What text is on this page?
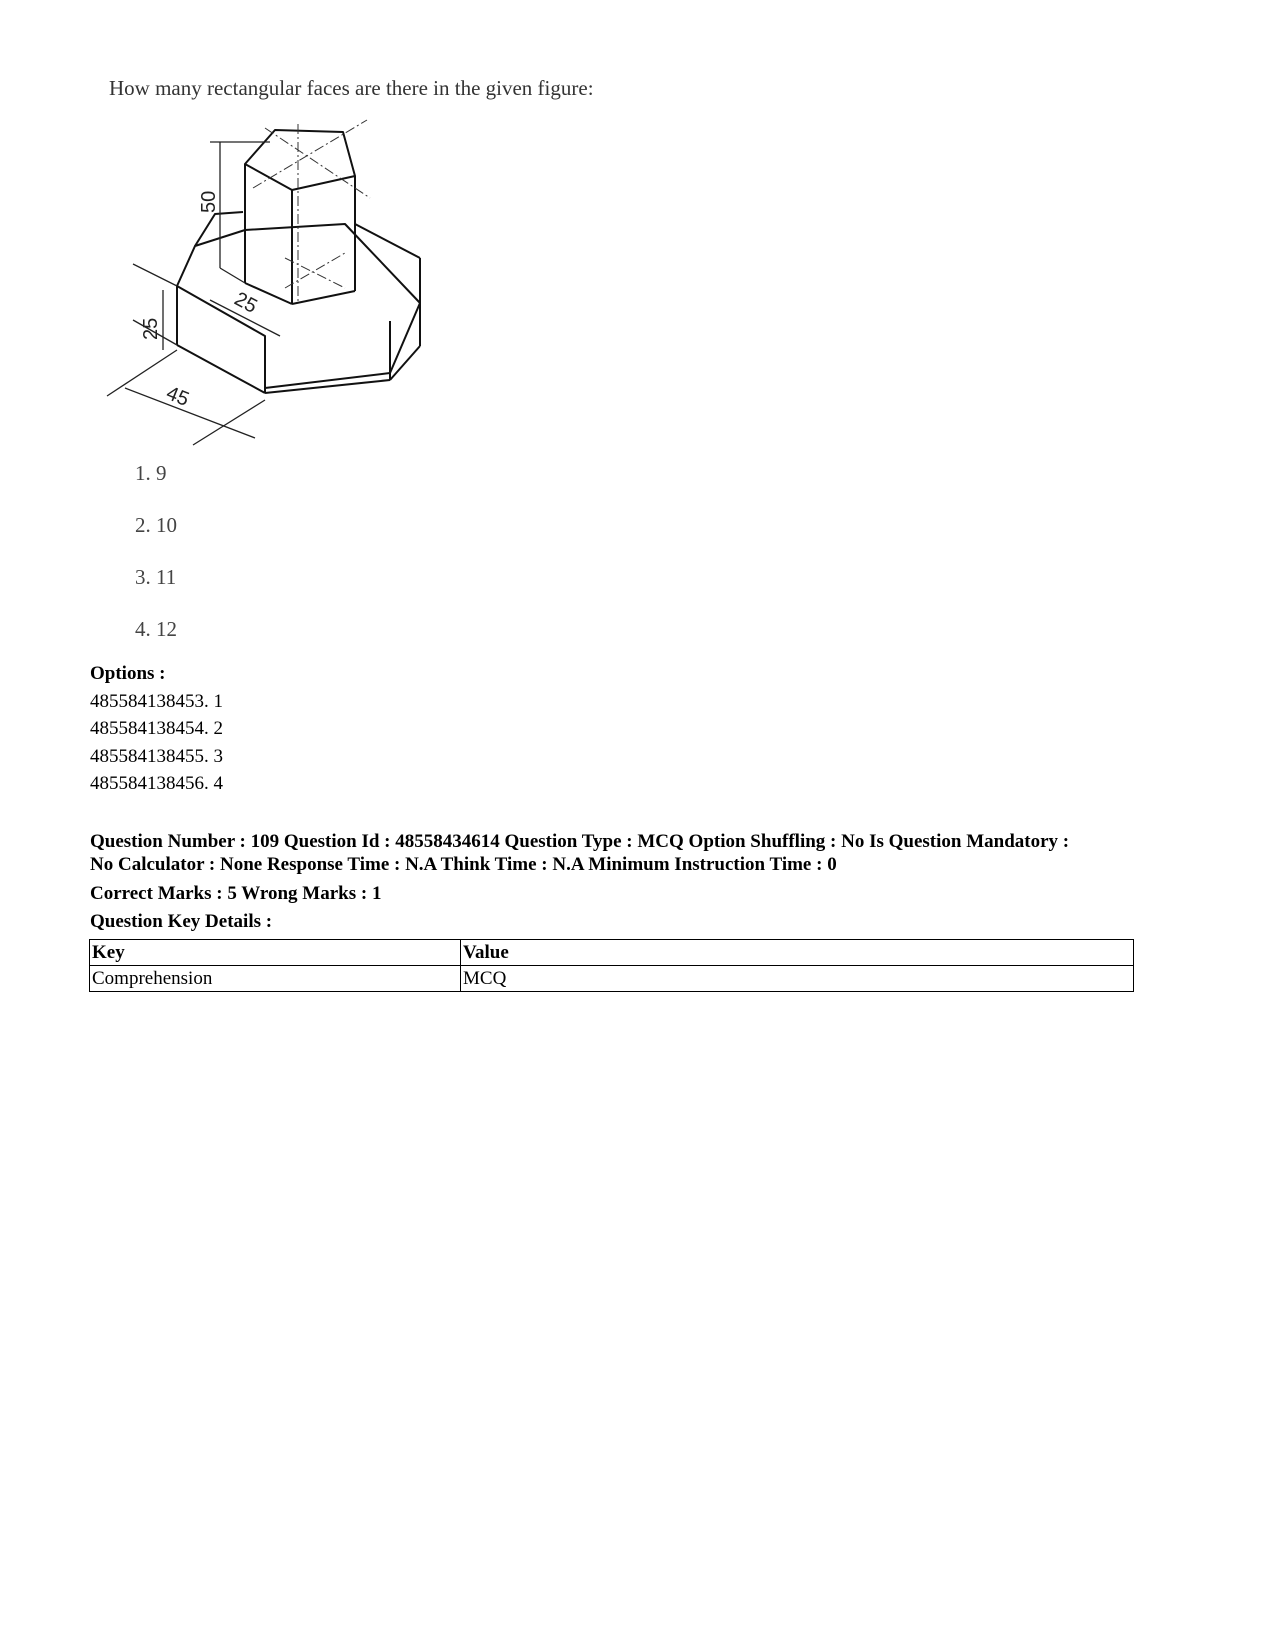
How many rectangular faces are there in the given figure:
50
25
25
45
1. 9
2. 10
3. 11
4. 12
Options :
485584138453. 1
485584138454. 2
485584138455. 3
485584138456. 4
Question Number : 109 Question Id : 48558434614 Question Type : MCQ Option Shuffling : No Is Question Mandatory :
No Calculator : None Response Time : N.A Think Time : N.A Minimum Instruction Time : 0
Correct Marks : 5 Wrong Marks : 1
Question Key Details :
Key	Value
Comprehension	MCQ
